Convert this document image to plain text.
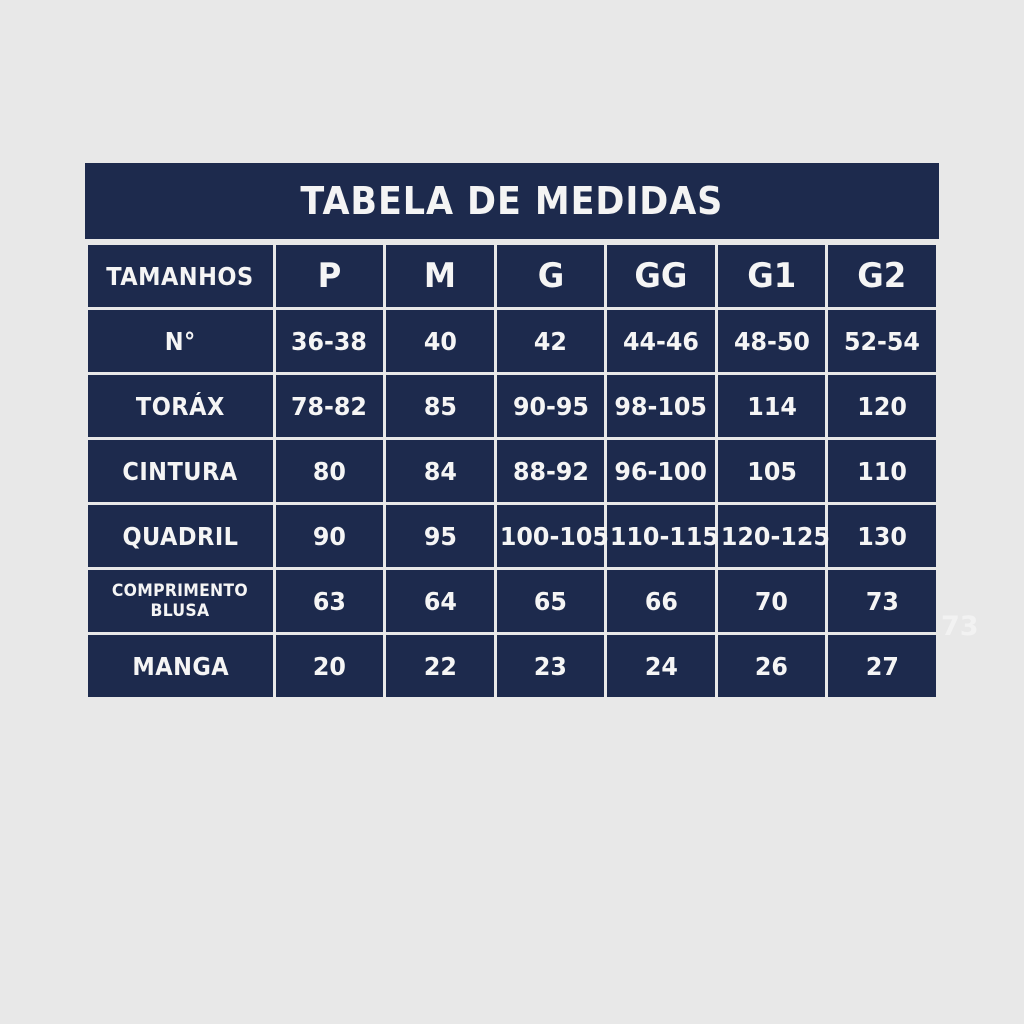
TABELA DE MEDIDAS
TAMANHOS	P	M	G	GG	G1	G2
N°	36-38	40	42	44-46	48-50	52-54
TORÁX	78-82	85	90-95	98-105	114	120
CINTURA	80	84	88-92	96-100	105	110
QUADRIL	90	95	100-105	110-115	120-125	130
COMPRIMENTO
BLUSA	63	64	65	66	70	73
MANGA	20	22	23	24	26	27
73
